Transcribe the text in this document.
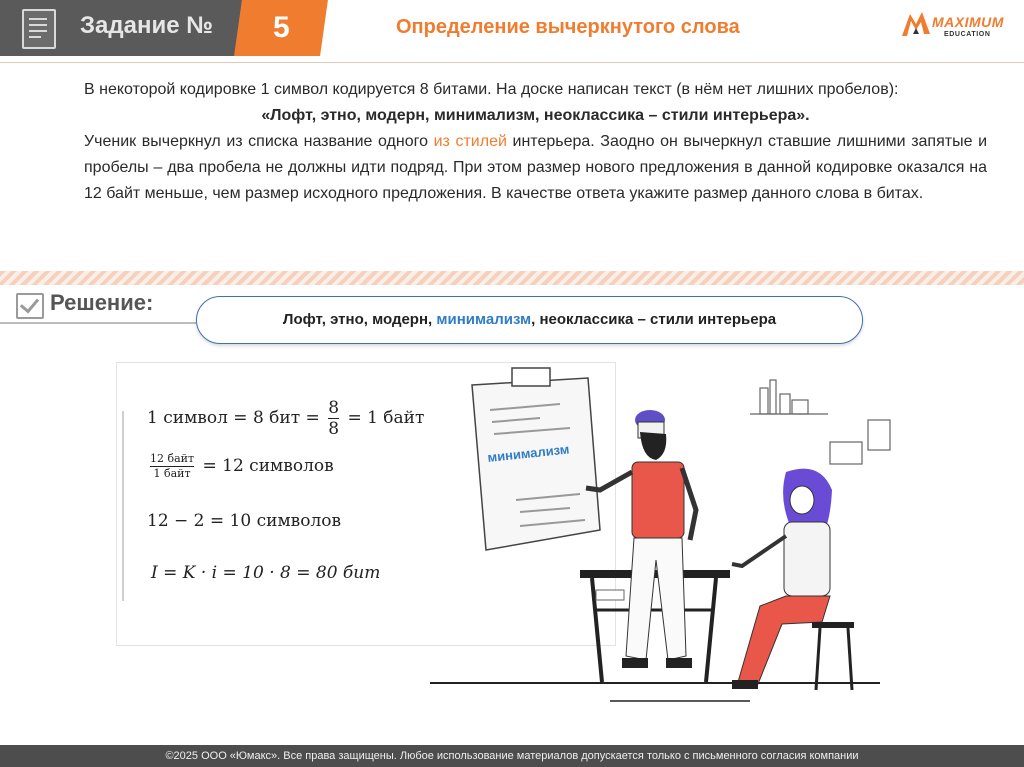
Задание №	5	Определение вычеркнутого слова	MAXIMUM
EDUCATION

В некоторой кодировке 1 символ кодируется 8 битами. На доске написан текст (в нём нет лишних пробелов):

«Лофт, этно, модерн, минимализм, неоклассика – стили интерьера».

Ученик вычеркнул из списка название одного из стилей интерьера. Заодно он вычеркнул ставшие лишними запятые и пробелы – два пробела не должны идти подряд. При этом размер нового предложения в данной кодировке оказался на 12 байт меньше, чем размер исходного предложения. В качестве ответа укажите размер данного слова в битах.

Решение:
Лофт, этно, модерн, минимализм, неоклассика – стили интерьера
1 символ = 8 бит = $\frac{8}{8} = 1$ байт
$\frac{\text{12 байт}}{\text{1 байт}} = 12$ символов
12 − 2 = 10 символов
I = K · i = 10 · 8 = 80 бит
минимализм
©2025 ООО «Юмакс». Все права защищены. Любое использование материалов допускается только с письменного согласия компании
